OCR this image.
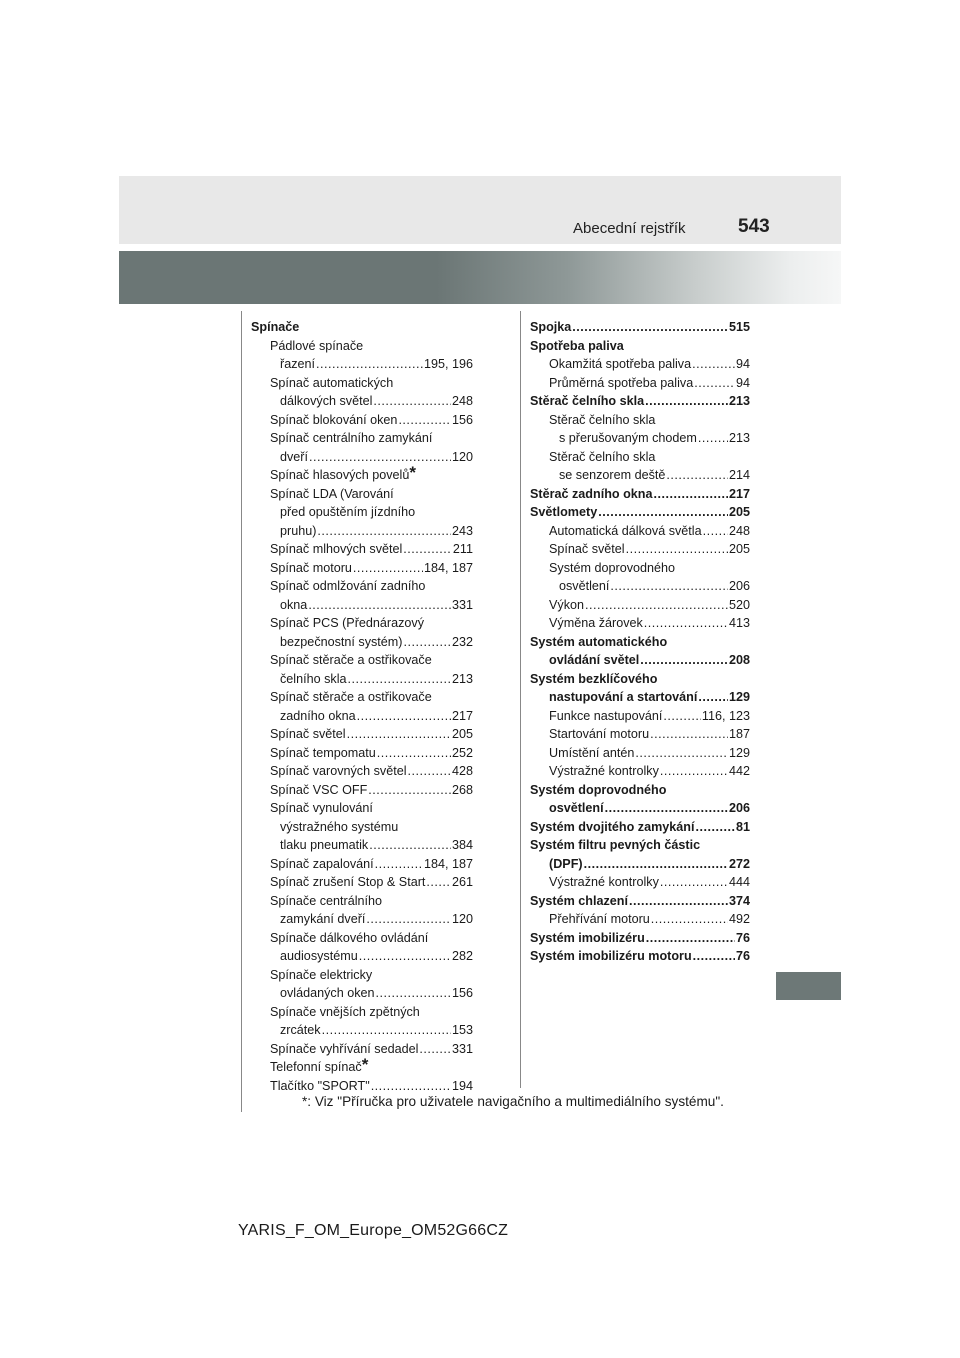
Abecední rejstřík	543
Spínače
Pádlové spínače
řazení .....	195, 196
Spínač automatických
dálkových světel .....	248
Spínač blokování oken .....	156
Spínač centrálního zamykání
dveří .....	120
Spínač hlasových povelů*
Spínač LDA (Varování
před opuštěním jízdního
pruhu) .....	243
Spínač mlhových světel .....	211
Spínač motoru .....	184, 187
Spínač odmlžování zadního
okna .....	331
Spínač PCS (Přednárazový
bezpečnostní systém) .....	232
Spínač stěrače a ostřikovače
čelního skla .....	213
Spínač stěrače a ostřikovače
zadního okna .....	217
Spínač světel .....	205
Spínač tempomatu .....	252
Spínač varovných světel .....	428
Spínač VSC OFF .....	268
Spínač vynulování
výstražného systému
tlaku pneumatik .....	384
Spínač zapalování .....	184, 187
Spínač zrušení Stop & Start ..... 261
Spínače centrálního
zamykání dveří .....	120
Spínače dálkového ovládání
audiosystému .....	282
Spínače elektricky
ovládaných oken .....	156
Spínače vnějších zpětných
zrcátek .....	153
Spínače vyhřívání sedadel .....	331
Telefonní spínač*
Tlačítko "SPORT" .....	194
Spojka .....	515
Spotřeba paliva
Okamžitá spotřeba paliva .....	94
Průměrná spotřeba paliva .....	94
Stěrač čelního skla .....	213
Stěrač čelního skla
s přerušovaným chodem .....	213
Stěrač čelního skla
se senzorem deště .....	214
Stěrač zadního okna .....	217
Světlomety .....	205
Automatická dálková světla ..... 248
Spínač světel .....	205
Systém doprovodného
osvětlení .....	206
Výkon .....	520
Výměna žárovek .....	413
Systém automatického
ovládání světel .....	208
Systém bezklíčového
nastupování a startování .....	129
Funkce nastupování .....	116, 123
Startování motoru .....	187
Umístění antén .....	129
Výstražné kontrolky .....	442
Systém doprovodného
osvětlení .....	206
Systém dvojitého zamykání .....	81
Systém filtru pevných částic
(DPF) .....	272
Výstražné kontrolky .....	444
Systém chlazení .....	374
Přehřívání motoru .....	492
Systém imobilizéru .....	76
Systém imobilizéru motoru .....	76
*: Viz "Příručka pro uživatele navigačního a multimediálního systému".
YARIS_F_OM_Europe_OM52G66CZ
